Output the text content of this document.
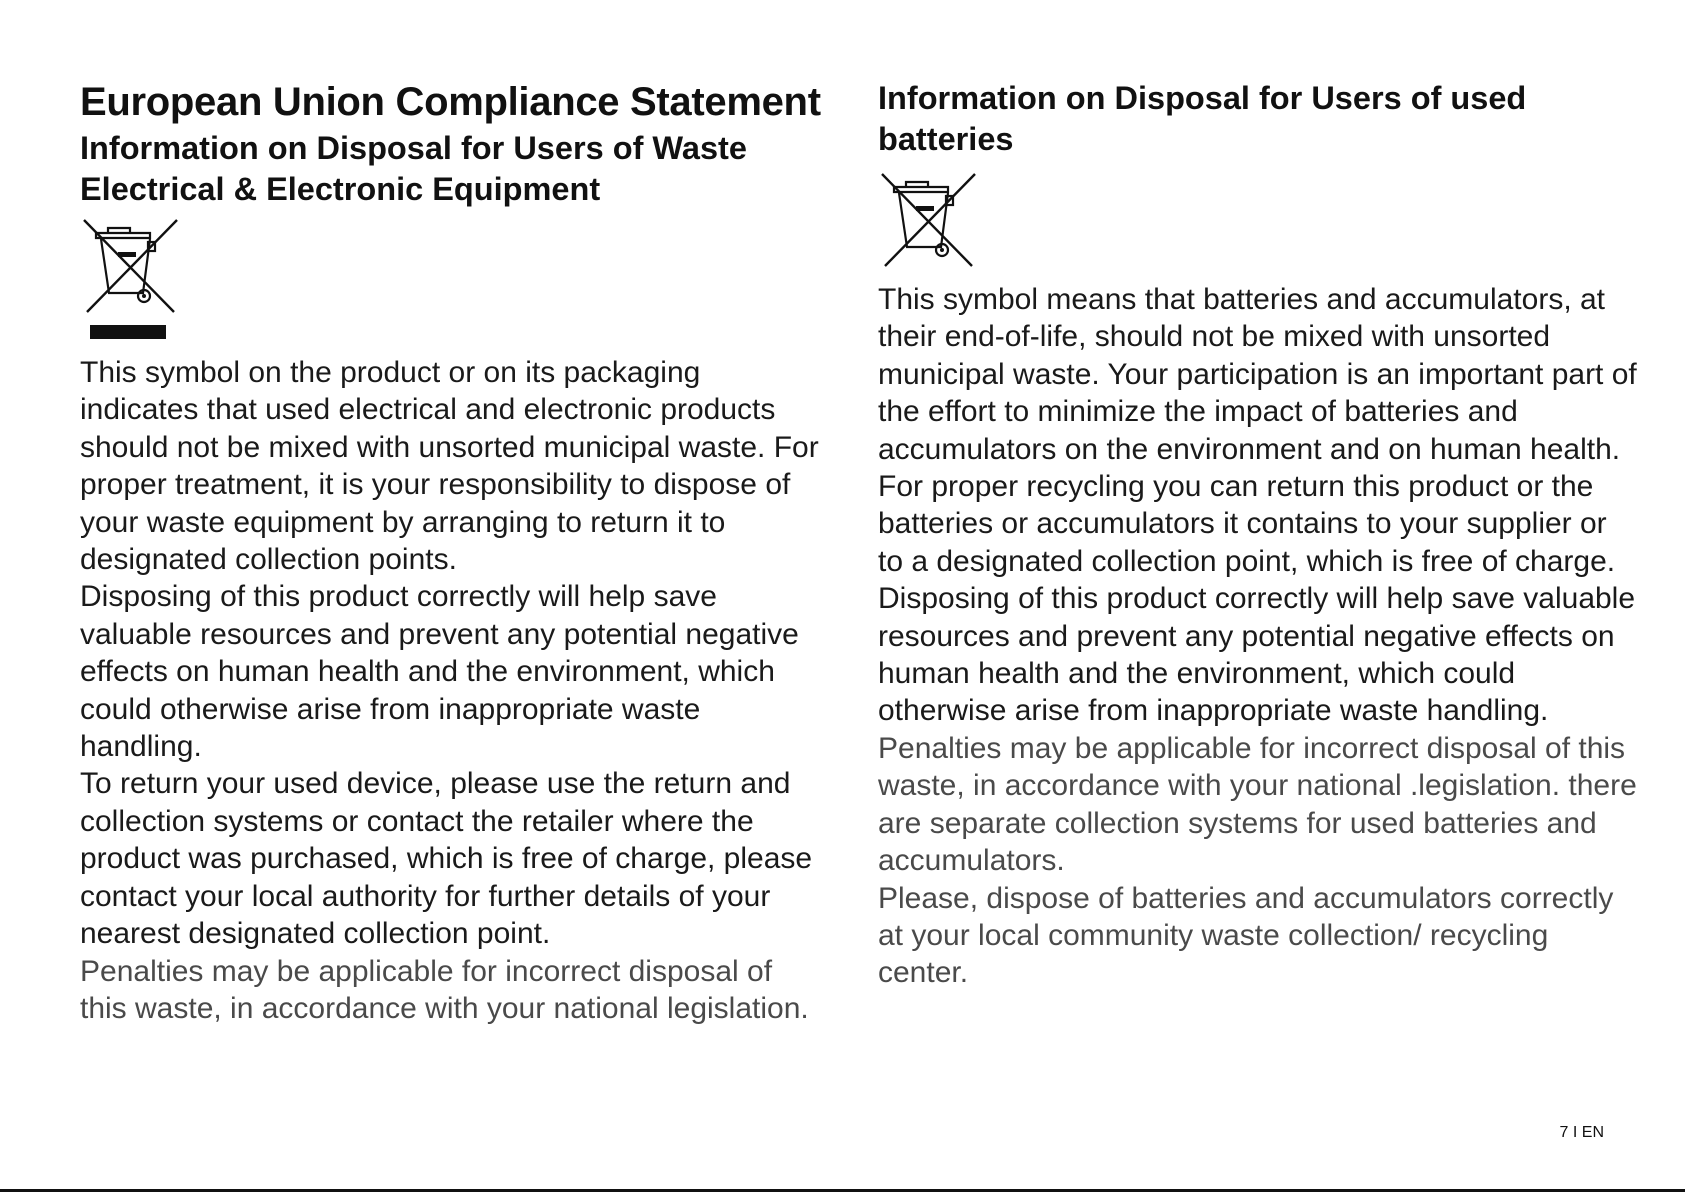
European Union Compliance Statement
Information on Disposal for Users of Waste Electrical & Electronic Equipment

This symbol on the product or on its packaging indicates that used electrical and electronic products should not be mixed with unsorted municipal waste. For proper treatment, it is your responsibility to dispose of your waste equipment by arranging to return it to designated collection points.

Disposing of this product correctly will help save valuable resources and prevent any potential negative effects on human health and the environment, which could otherwise arise from inappropriate waste handling.

To return your used device, please use the return and collection systems or contact the retailer where the product was purchased, which is free of charge, please contact your local authority for further details of your nearest designated collection point.

Penalties may be applicable for incorrect disposal of this waste, in accordance with your national legislation.

Information on Disposal for Users of used batteries

This symbol means that batteries and accumulators, at their end-of-life, should not be mixed with unsorted municipal waste. Your participation is an important part of the effort to minimize the impact of batteries and accumulators on the environment and on human health. For proper recycling you can return this product or the batteries or accumulators it contains to your supplier or to a designated collection point, which is free of charge.

Disposing of this product correctly will help save valuable resources and prevent any potential negative effects on human health and the environment, which could otherwise arise from inappropriate waste handling.

Penalties may be applicable for incorrect disposal of this waste, in accordance with your national .legislation. there are separate collection systems for used batteries and accumulators.

Please, dispose of batteries and accumulators correctly at your local community waste collection/ recycling center.

7 I EN
